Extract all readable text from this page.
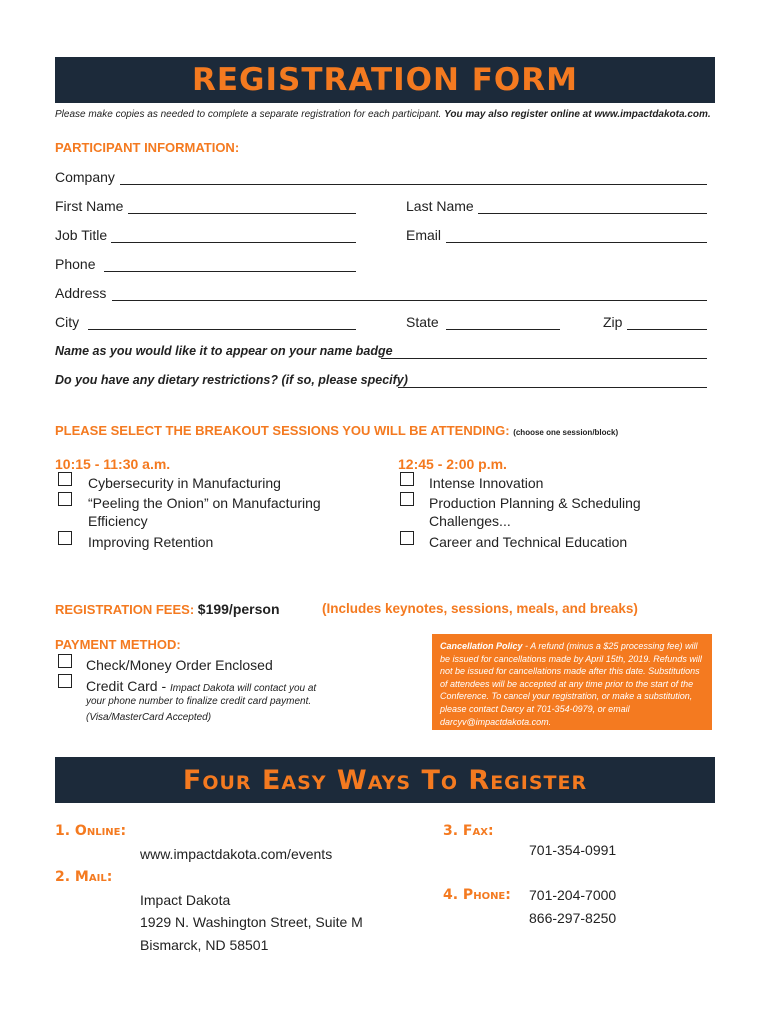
REGISTRATION FORM
Please make copies as needed to complete a separate registration for each participant. You may also register online at www.impactdakota.com.
PARTICIPANT INFORMATION:
Company
First Name	Last Name
Job Title	Email
Phone
Address
City	State	Zip
Name as you would like it to appear on your name badge
Do you have any dietary restrictions? (if so, please specify)
PLEASE SELECT THE BREAKOUT SESSIONS YOU WILL BE ATTENDING: (choose one session/block)
10:15 - 11:30 a.m.
Cybersecurity in Manufacturing
“Peeling the Onion” on Manufacturing
Efficiency
Improving Retention
12:45 - 2:00 p.m.
Intense Innovation
Production Planning & Scheduling
Challenges...
Career and Technical Education
REGISTRATION FEES: $199/person	(Includes keynotes, sessions, meals, and breaks)
PAYMENT METHOD:
Check/Money Order Enclosed
Credit Card - Impact Dakota will contact you at
your phone number to finalize credit card payment.
(Visa/MasterCard Accepted)
Cancellation Policy - A refund (minus a $25 processing fee) will be issued for cancellations made by April 15th, 2019. Refunds will not be issued for cancellations made after this date. Substitutions of attendees will be accepted at any time prior to the start of the Conference. To cancel your registration, or make a substitution, please contact Darcy at 701-354-0979, or email darcyv@impactdakota.com.
Four Easy Ways To Register
1. Online:
www.impactdakota.com/events
2. Mail:
Impact Dakota
1929 N. Washington Street, Suite M
Bismarck, ND 58501
3. Fax:
701-354-0991
4. Phone: 701-204-7000
866-297-8250
